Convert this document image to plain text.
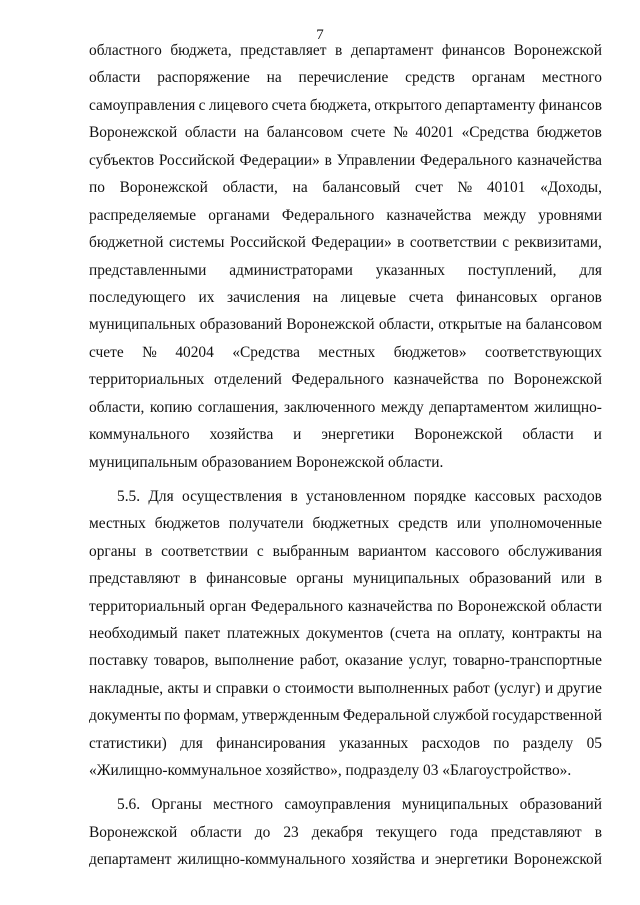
7
областного бюджета, представляет в департамент финансов Воронежской
области распоряжение на перечисление средств органам местного
самоуправления с лицевого счета бюджета, открытого департаменту финансов
Воронежской области на балансовом счете № 40201 «Средства бюджетов
субъектов Российской Федерации» в Управлении Федерального казначейства
по Воронежской области, на балансовый счет № 40101 «Доходы,
распределяемые органами Федерального казначейства между уровнями
бюджетной системы Российской Федерации» в соответствии с реквизитами,
представленными администраторами указанных поступлений, для
последующего их зачисления на лицевые счета финансовых органов
муниципальных образований Воронежской области, открытые на балансовом
счете № 40204 «Средства местных бюджетов» соответствующих
территориальных отделений Федерального казначейства по Воронежской
области, копию соглашения, заключенного между департаментом жилищно-
коммунального хозяйства и энергетики Воронежской области и
муниципальным образованием Воронежской области.
5.5. Для осуществления в установленном порядке кассовых расходов
местных бюджетов получатели бюджетных средств или уполномоченные
органы в соответствии с выбранным вариантом кассового обслуживания
представляют в финансовые органы муниципальных образований или в
территориальный орган Федерального казначейства по Воронежской области
необходимый пакет платежных документов (счета на оплату, контракты на
поставку товаров, выполнение работ, оказание услуг, товарно-транспортные
накладные, акты и справки о стоимости выполненных работ (услуг) и другие
документы по формам, утвержденным Федеральной службой государственной
статистики) для финансирования указанных расходов по разделу 05
«Жилищно-коммунальное хозяйство», подразделу 03 «Благоустройство».
5.6. Органы местного самоуправления муниципальных образований
Воронежской области до 23 декабря текущего года представляют в
департамент жилищно-коммунального хозяйства и энергетики Воронежской
